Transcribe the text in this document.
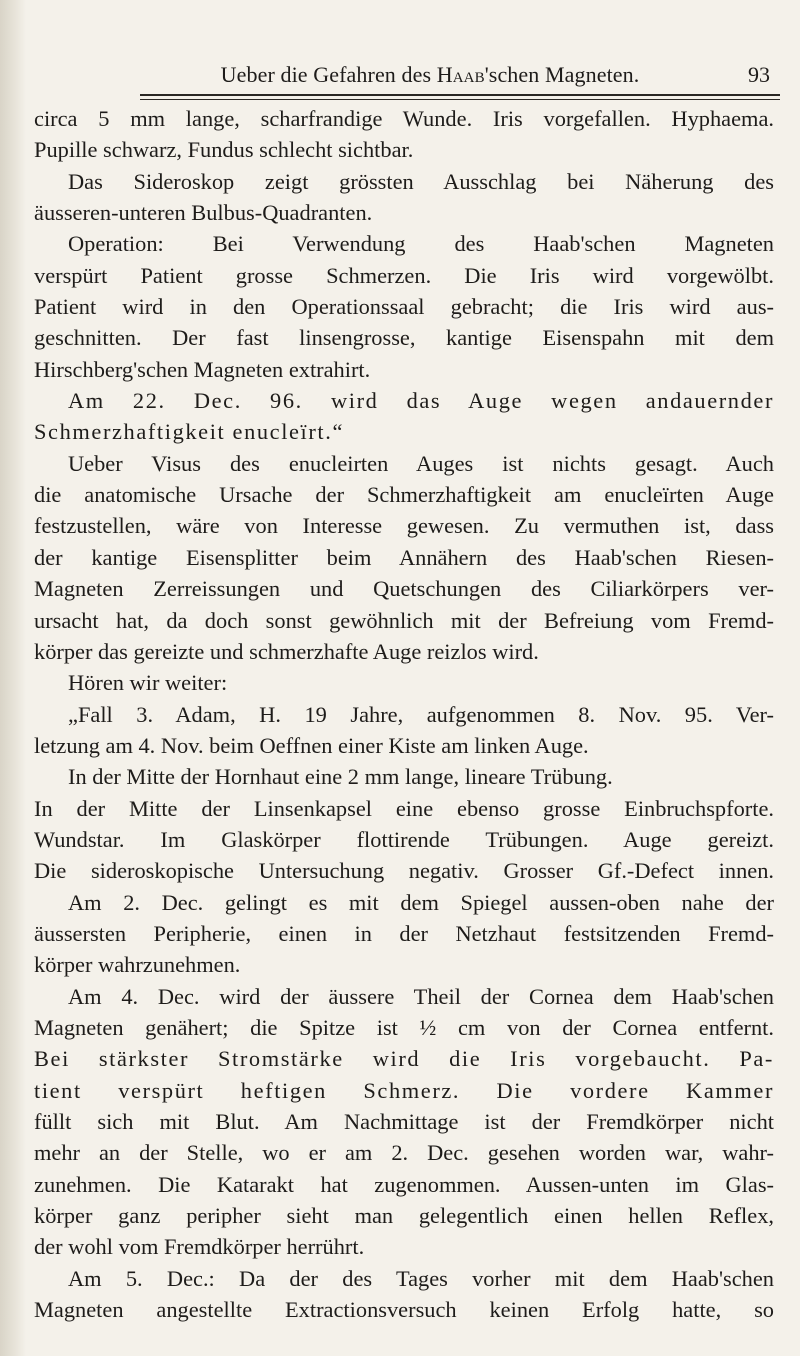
Ueber die Gefahren des Haab'schen Magneten.	93
circa 5 mm lange, scharfrandige Wunde. Iris vorgefallen. Hyphaema.
Pupille schwarz, Fundus schlecht sichtbar.
Das Sideroskop zeigt grössten Ausschlag bei Näherung des
äusseren-unteren Bulbus-Quadranten.
Operation: Bei Verwendung des Haab'schen Magneten
verspürt Patient grosse Schmerzen. Die Iris wird vorgewölbt.
Patient wird in den Operationssaal gebracht; die Iris wird aus-
geschnitten. Der fast linsengrosse, kantige Eisenspahn mit dem
Hirschberg'schen Magneten extrahirt.
Am 22. Dec. 96. wird das Auge wegen andauernder
Schmerzhaftigkeit enucleïrt.“
Ueber Visus des enucleirten Auges ist nichts gesagt. Auch
die anatomische Ursache der Schmerzhaftigkeit am enucleïrten Auge
festzustellen, wäre von Interesse gewesen. Zu vermuthen ist, dass
der kantige Eisensplitter beim Annähern des Haab'schen Riesen-
Magneten Zerreissungen und Quetschungen des Ciliarkörpers ver-
ursacht hat, da doch sonst gewöhnlich mit der Befreiung vom Fremd-
körper das gereizte und schmerzhafte Auge reizlos wird.
Hören wir weiter:
„Fall 3. Adam, H. 19 Jahre, aufgenommen 8. Nov. 95. Ver-
letzung am 4. Nov. beim Oeffnen einer Kiste am linken Auge.
In der Mitte der Hornhaut eine 2 mm lange, lineare Trübung.
In der Mitte der Linsenkapsel eine ebenso grosse Einbruchspforte.
Wundstar. Im Glaskörper flottirende Trübungen. Auge gereizt.
Die sideroskopische Untersuchung negativ. Grosser Gf.-Defect innen.
Am 2. Dec. gelingt es mit dem Spiegel aussen-oben nahe der
äussersten Peripherie, einen in der Netzhaut festsitzenden Fremd-
körper wahrzunehmen.
Am 4. Dec. wird der äussere Theil der Cornea dem Haab'schen
Magneten genähert; die Spitze ist ½ cm von der Cornea entfernt.
Bei stärkster Stromstärke wird die Iris vorgebaucht. Pa-
tient verspürt heftigen Schmerz. Die vordere Kammer
füllt sich mit Blut. Am Nachmittage ist der Fremdkörper nicht
mehr an der Stelle, wo er am 2. Dec. gesehen worden war, wahr-
zunehmen. Die Katarakt hat zugenommen. Aussen-unten im Glas-
körper ganz peripher sieht man gelegentlich einen hellen Reflex,
der wohl vom Fremdkörper herrührt.
Am 5. Dec.: Da der des Tages vorher mit dem Haab'schen
Magneten angestellte Extractionsversuch keinen Erfolg hatte, so
